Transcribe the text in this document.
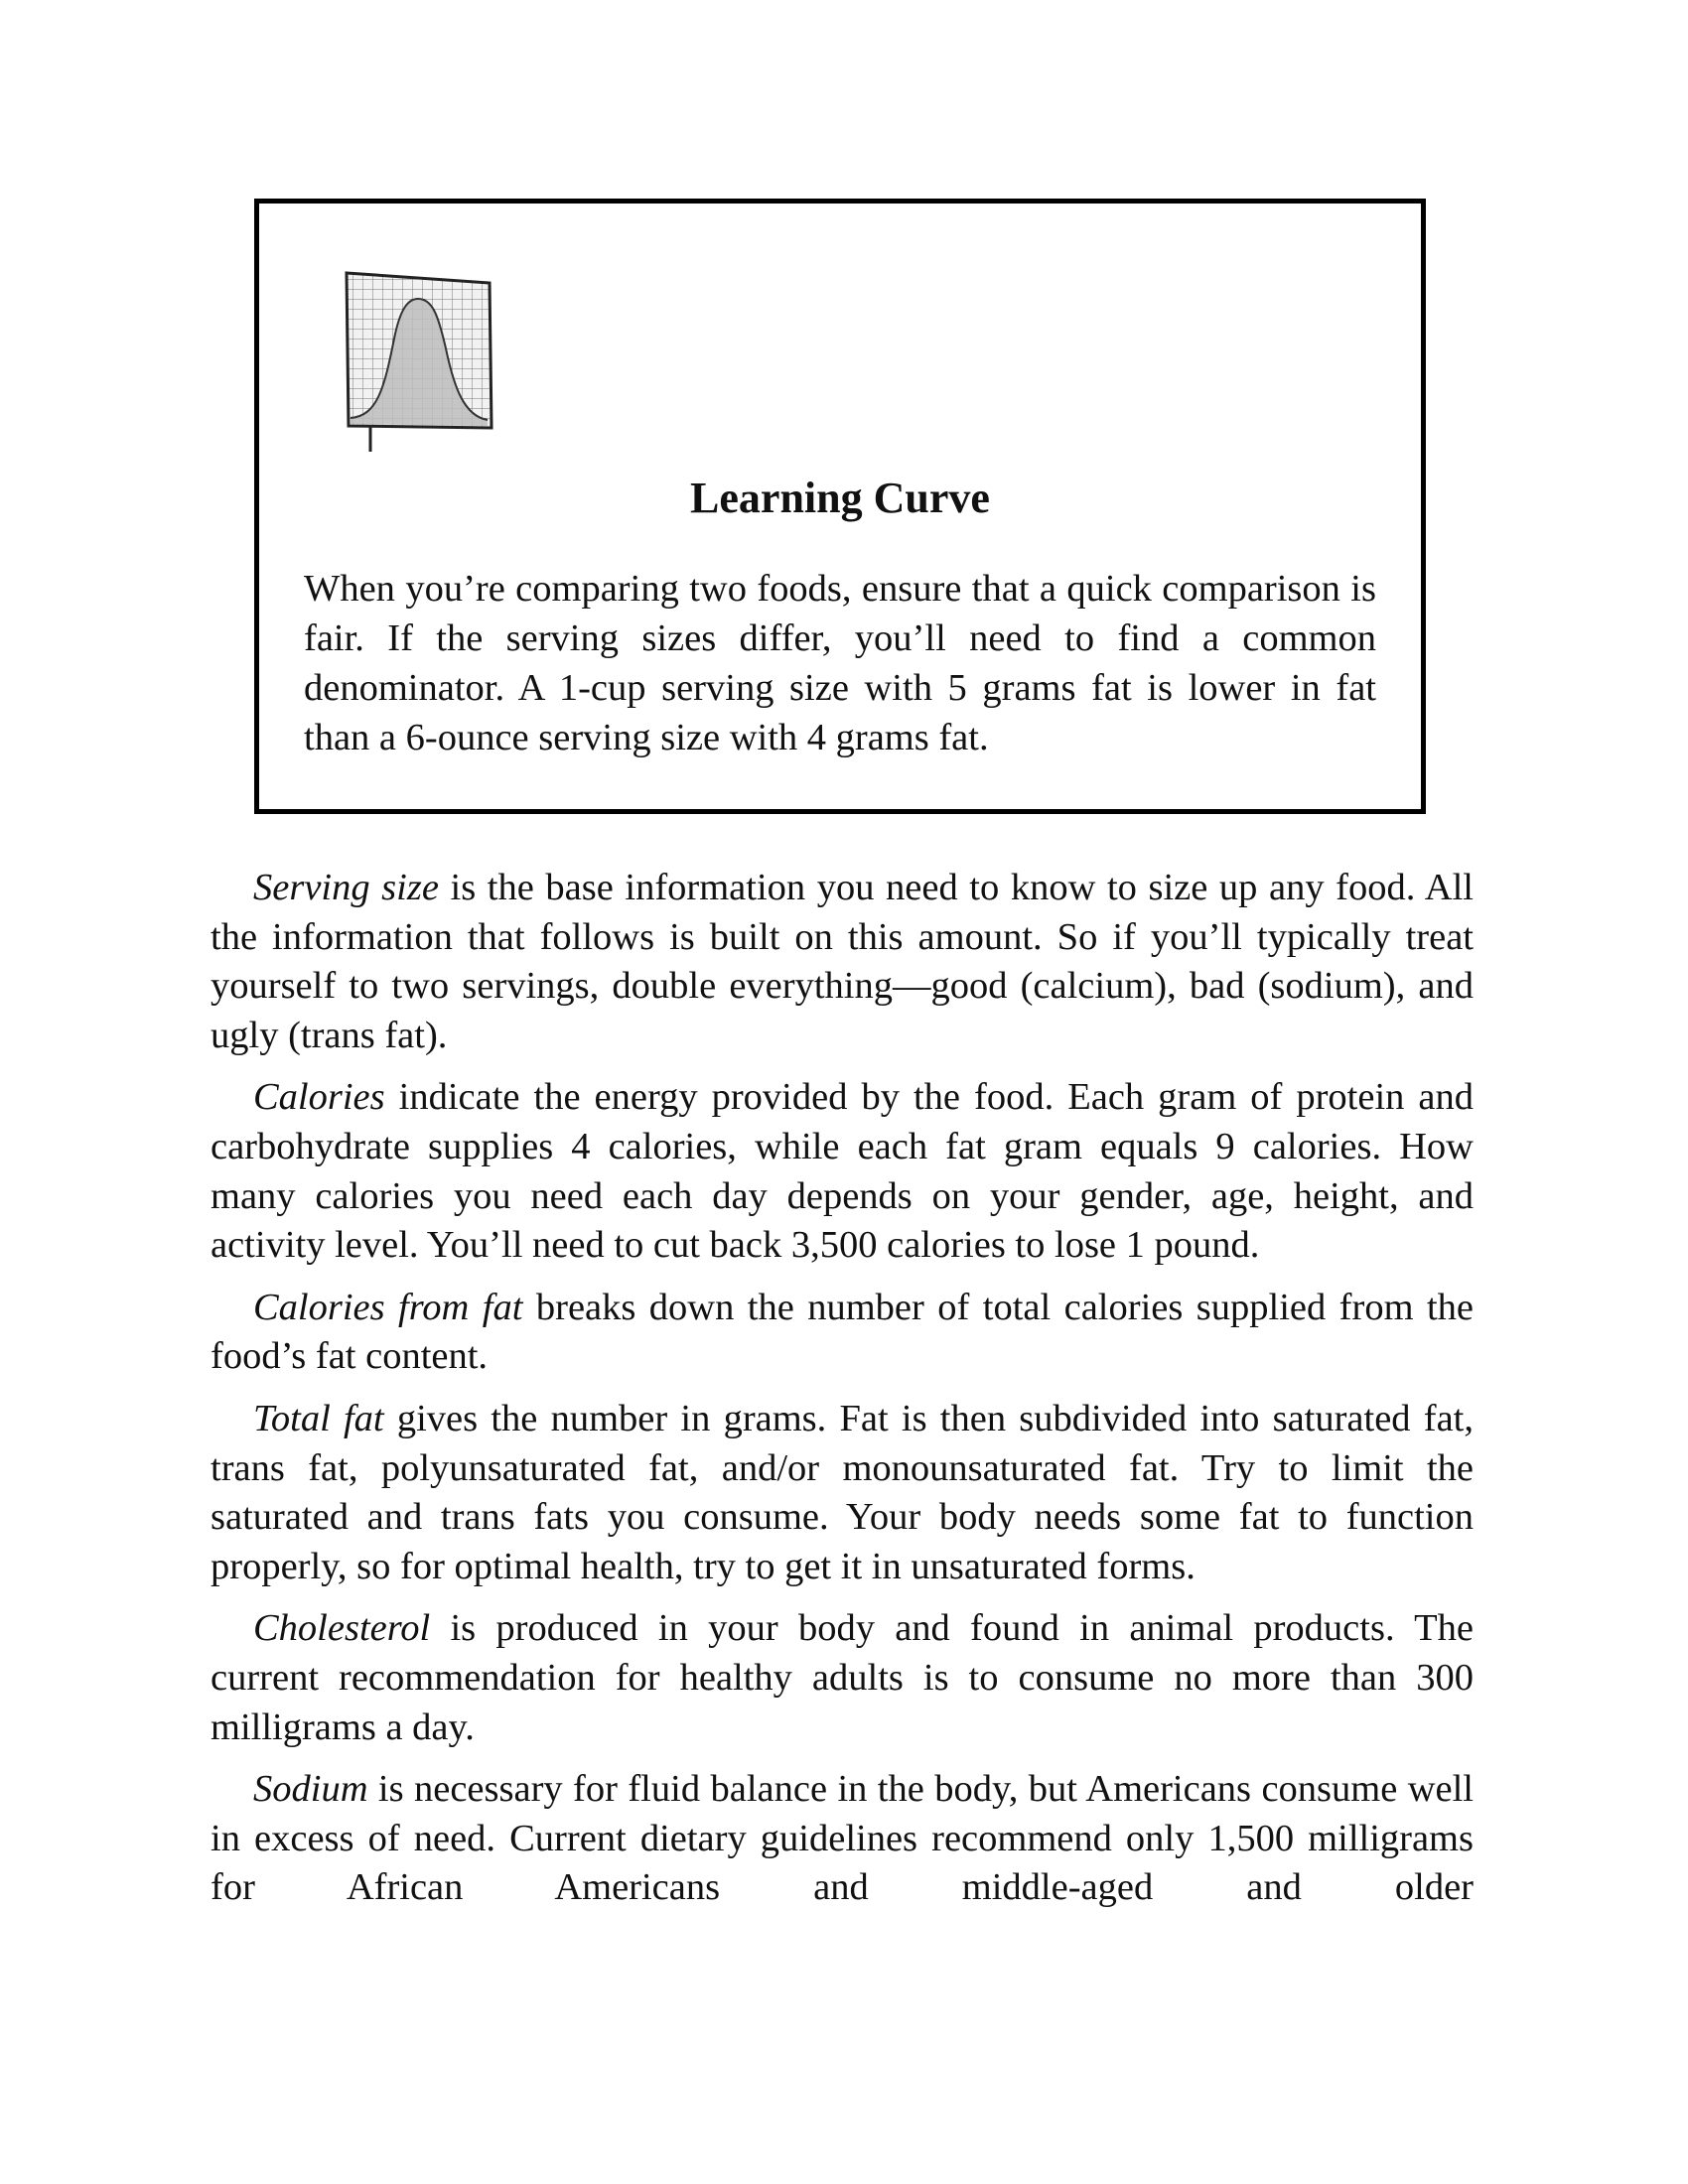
Learning Curve

When you’re comparing two foods, ensure that a quick comparison is fair. If the serving sizes differ, you’ll need to find a common denominator. A 1-cup serving size with 5 grams fat is lower in fat than a 6-ounce serving size with 4 grams fat.

Serving size is the base information you need to know to size up any food. All the information that follows is built on this amount. So if you’ll typically treat yourself to two servings, double everything—good (calcium), bad (sodium), and ugly (trans fat).

Calories indicate the energy provided by the food. Each gram of protein and carbohydrate supplies 4 calories, while each fat gram equals 9 calories. How many calories you need each day depends on your gender, age, height, and activity level. You’ll need to cut back 3,500 calories to lose 1 pound.

Calories from fat breaks down the number of total calories supplied from the food’s fat content.

Total fat gives the number in grams. Fat is then subdivided into saturated fat, trans fat, polyunsaturated fat, and/or monounsaturated fat. Try to limit the saturated and trans fats you consume. Your body needs some fat to function properly, so for optimal health, try to get it in unsaturated forms.

Cholesterol is produced in your body and found in animal products. The current recommendation for healthy adults is to consume no more than 300 milligrams a day.

Sodium is necessary for fluid balance in the body, but Americans consume well in excess of need. Current dietary guidelines recommend only 1,500 milligrams for African Americans and middle-aged and older
